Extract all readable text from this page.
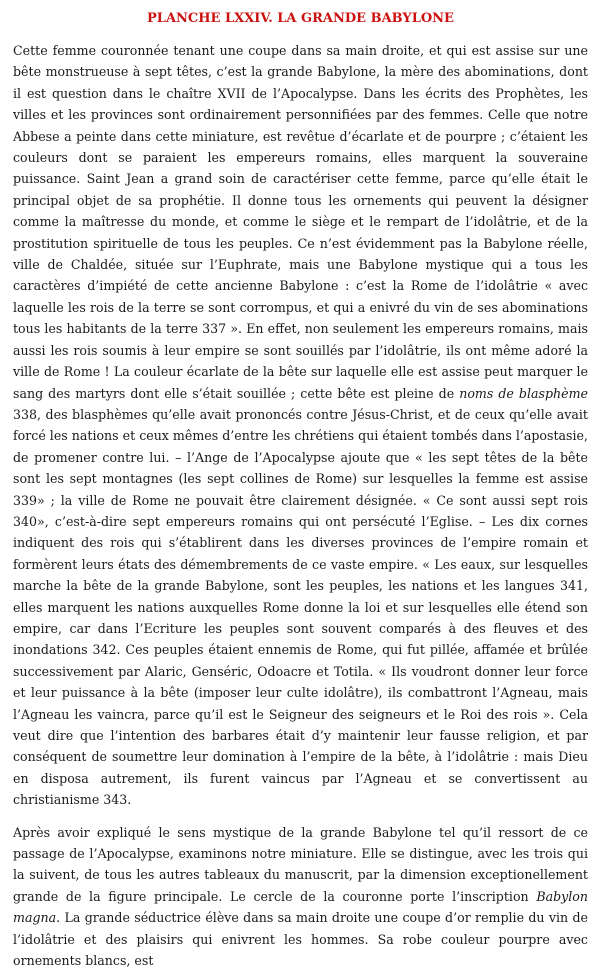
PLANCHE LXXIV. LA GRANDE BABYLONE

Cette femme couronnée tenant une coupe dans sa main droite, et qui est assise sur une bête monstrueuse à sept têtes, c’est la grande Babylone, la mère des abominations, dont il est question dans le chaître XVII de l’Apocalypse. Dans les écrits des Prophètes, les villes et les provinces sont ordinairement personnifiées par des femmes. Celle que notre Abbese a peinte dans cette miniature, est revêtue d’écarlate et de pourpre ; c’étaient les couleurs dont se paraient les empereurs romains, elles marquent la souveraine puissance. Saint Jean a grand soin de caractériser cette femme, parce qu’elle était le principal objet de sa prophétie. Il donne tous les ornements qui peuvent la désigner comme la maîtresse du monde, et comme le siège et le rempart de l’idolâtrie, et de la prostitution spirituelle de tous les peuples. Ce n’est évidemment pas la Babylone réelle, ville de Chaldée, située sur l’Euphrate, mais une Babylone mystique qui a tous les caractères d’impiété de cette ancienne Babylone : c’est la Rome de l’idolâtrie « avec laquelle les rois de la terre se sont corrompus, et qui a enivré du vin de ses abominations tous les habitants de la terre 337 ». En effet, non seulement les empereurs romains, mais aussi les rois soumis à leur empire se sont souillés par l’idolâtrie, ils ont même adoré la ville de Rome ! La couleur écarlate de la bête sur laquelle elle est assise peut marquer le sang des martyrs dont elle s’était souillée ; cette bête est pleine de noms de blasphème 338, des blasphèmes qu’elle avait prononcés contre Jésus-Christ, et de ceux qu’elle avait forcé les nations et ceux mêmes d’entre les chrétiens qui étaient tombés dans l’apostasie, de promener contre lui. – l’Ange de l’Apocalypse ajoute que « les sept têtes de la bête sont les sept montagnes (les sept collines de Rome) sur lesquelles la femme est assise 339» ; la ville de Rome ne pouvait être clairement désignée. « Ce sont aussi sept rois 340», c’est-à-dire sept empereurs romains qui ont persécuté l’Eglise. – Les dix cornes indiquent des rois qui s’établirent dans les diverses provinces de l’empire romain et formèrent leurs états des démembrements de ce vaste empire. « Les eaux, sur lesquelles marche la bête de la grande Babylone, sont les peuples, les nations et les langues 341, elles marquent les nations auxquelles Rome donne la loi et sur lesquelles elle étend son empire, car dans l’Ecriture les peuples sont souvent comparés à des fleuves et des inondations 342. Ces peuples étaient ennemis de Rome, qui fut pillée, affamée et brûlée successivement par Alaric, Genséric, Odoacre et Totila. « Ils voudront donner leur force et leur puissance à la bête (imposer leur culte idolâtre), ils combattront l’Agneau, mais l’Agneau les vaincra, parce qu’il est le Seigneur des seigneurs et le Roi des rois ». Cela veut dire que l’intention des barbares était d’y maintenir leur fausse religion, et par conséquent de soumettre leur domination à l’empire de la bête, à l’idolâtrie : mais Dieu en disposa autrement, ils furent vaincus par l’Agneau et se convertissent au christianisme 343.

Après avoir expliqué le sens mystique de la grande Babylone tel qu’il ressort de ce passage de l’Apocalypse, examinons notre miniature. Elle se distingue, avec les trois qui la suivent, de tous les autres tableaux du manuscrit, par la dimension exceptionellement grande de la figure principale. Le cercle de la couronne porte l’inscription Babylon magna. La grande séductrice élève dans sa main droite une coupe d’or remplie du vin de l’idolâtrie et des plaisirs qui enivrent les hommes. Sa robe couleur pourpre avec ornements blancs, est
